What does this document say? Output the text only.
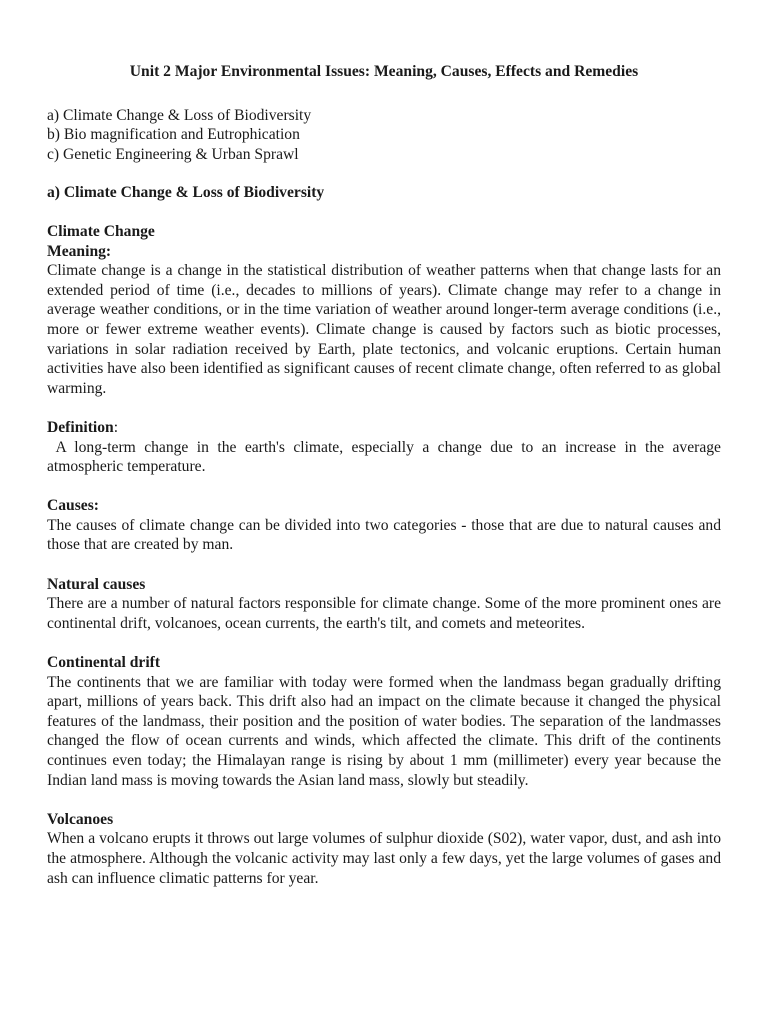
Unit 2 Major Environmental Issues: Meaning, Causes, Effects and Remedies
a) Climate Change & Loss of Biodiversity
b) Bio magnification and Eutrophication
c) Genetic Engineering & Urban Sprawl
a) Climate Change & Loss of Biodiversity
Climate Change
Meaning:
Climate change is a change in the statistical distribution of weather patterns when that change lasts for an extended period of time (i.e., decades to millions of years). Climate change may refer to a change in average weather conditions, or in the time variation of weather around longer-term average conditions (i.e., more or fewer extreme weather events). Climate change is caused by factors such as biotic processes, variations in solar radiation received by Earth, plate tectonics, and volcanic eruptions. Certain human activities have also been identified as significant causes of recent climate change, often referred to as global warming.
Definition:
A long-term change in the earth's climate, especially a change due to an increase in the average atmospheric temperature.
Causes:
The causes of climate change can be divided into two categories - those that are due to natural causes and those that are created by man.
Natural causes
There are a number of natural factors responsible for climate change. Some of the more prominent ones are continental drift, volcanoes, ocean currents, the earth's tilt, and comets and meteorites.
Continental drift
The continents that we are familiar with today were formed when the landmass began gradually drifting apart, millions of years back. This drift also had an impact on the climate because it changed the physical features of the landmass, their position and the position of water bodies. The separation of the landmasses changed the flow of ocean currents and winds, which affected the climate. This drift of the continents continues even today; the Himalayan range is rising by about 1 mm (millimeter) every year because the Indian land mass is moving towards the Asian land mass, slowly but steadily.
Volcanoes
When a volcano erupts it throws out large volumes of sulphur dioxide (S02), water vapor, dust, and ash into the atmosphere. Although the volcanic activity may last only a few days, yet the large volumes of gases and ash can influence climatic patterns for year.
